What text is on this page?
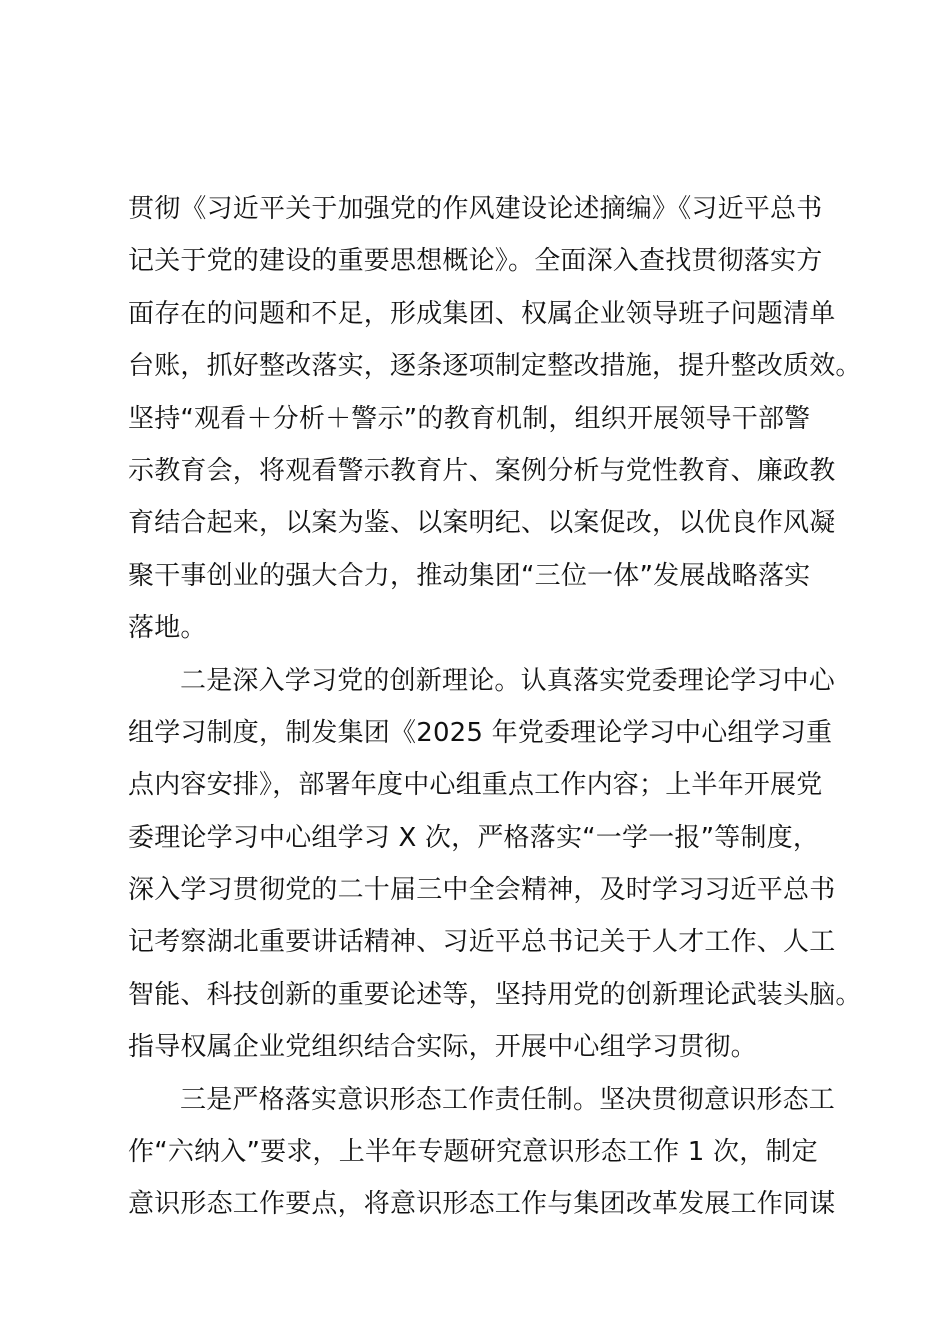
贯彻《习近平关于加强党的作风建设论述摘编》《习近平总书
记关于党的建设的重要思想概论》。全面深入查找贯彻落实方
面存在的问题和不足，形成集团、权属企业领导班子问题清单
台账，抓好整改落实，逐条逐项制定整改措施，提升整改质效。
坚持“观看＋分析＋警示”的教育机制，组织开展领导干部警
示教育会，将观看警示教育片、案例分析与党性教育、廉政教
育结合起来，以案为鉴、以案明纪、以案促改，以优良作风凝
聚干事创业的强大合力，推动集团“三位一体”发展战略落实
落地。
二是深入学习党的创新理论。认真落实党委理论学习中心
组学习制度，制发集团《2025 年党委理论学习中心组学习重
点内容安排》，部署年度中心组重点工作内容；上半年开展党
委理论学习中心组学习 X 次，严格落实“一学一报”等制度，
深入学习贯彻党的二十届三中全会精神，及时学习习近平总书
记考察湖北重要讲话精神、习近平总书记关于人才工作、人工
智能、科技创新的重要论述等，坚持用党的创新理论武装头脑。
指导权属企业党组织结合实际，开展中心组学习贯彻。
三是严格落实意识形态工作责任制。坚决贯彻意识形态工
作“六纳入”要求，上半年专题研究意识形态工作 1 次，制定
意识形态工作要点，将意识形态工作与集团改革发展工作同谋
